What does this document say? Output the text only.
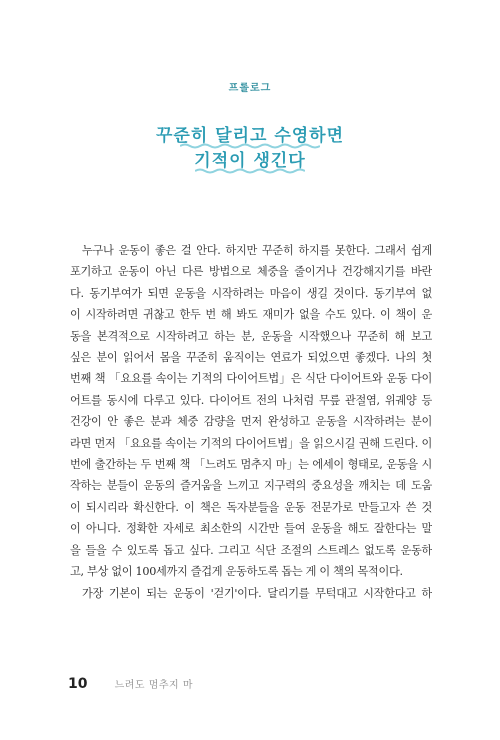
프롤로그
꾸준히 달리고 수영하면
기적이 생긴다
누구나 운동이 좋은 걸 안다. 하지만 꾸준히 하지를 못한다. 그래서 쉽게
포기하고 운동이 아닌 다른 방법으로 체중을 줄이거나 건강해지기를 바란
다. 동기부여가 되면 운동을 시작하려는 마음이 생길 것이다. 동기부여 없
이 시작하려면 귀찮고 한두 번 해 봐도 재미가 없을 수도 있다. 이 책이 운
동을 본격적으로 시작하려고 하는 분, 운동을 시작했으나 꾸준히 해 보고
싶은 분이 읽어서 몸을 꾸준히 움직이는 연료가 되었으면 좋겠다. 나의 첫
번째 책 「요요를 속이는 기적의 다이어트법」은 식단 다이어트와 운동 다이
어트를 동시에 다루고 있다. 다이어트 전의 나처럼 무릎 관절염, 위궤양 등
건강이 안 좋은 분과 체중 감량을 먼저 완성하고 운동을 시작하려는 분이
라면 먼저 「요요를 속이는 기적의 다이어트법」을 읽으시길 권해 드린다. 이
번에 출간하는 두 번째 책 「느려도 멈추지 마」는 에세이 형태로, 운동을 시
작하는 분들이 운동의 즐거움을 느끼고 지구력의 중요성을 깨치는 데 도움
이 되시리라 확신한다. 이 책은 독자분들을 운동 전문가로 만들고자 쓴 것
이 아니다. 정확한 자세로 최소한의 시간만 들여 운동을 해도 잘한다는 말
을 들을 수 있도록 돕고 싶다. 그리고 식단 조절의 스트레스 없도록 운동하
고, 부상 없이 100세까지 즐겁게 운동하도록 돕는 게 이 책의 목적이다.
가장 기본이 되는 운동이 '걷기'이다. 달리기를 무턱대고 시작한다고 하
10	느려도 멈추지 마
